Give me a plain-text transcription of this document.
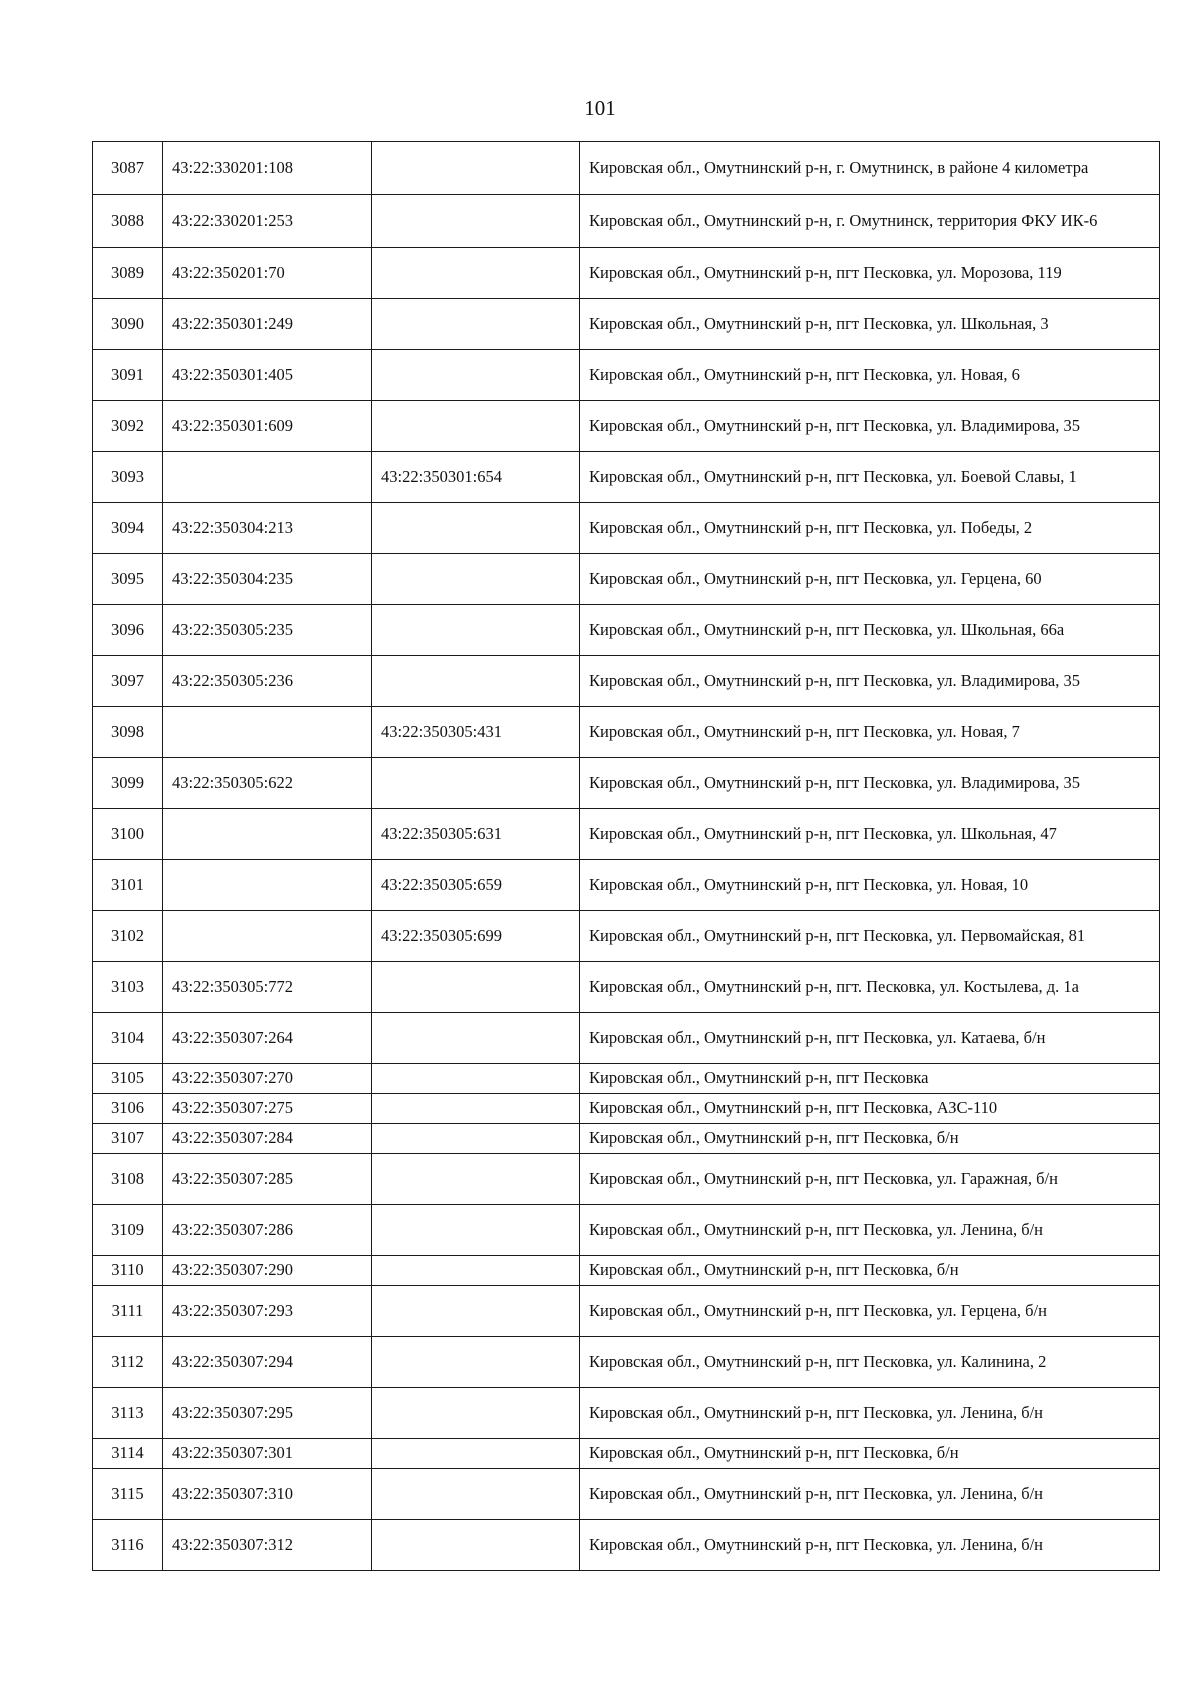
101
3087	43:22:330201:108		Кировская обл., Омутнинский р-н, г. Омутнинск, в районе 4 километра
3088	43:22:330201:253		Кировская обл., Омутнинский р-н, г. Омутнинск, территория ФКУ ИК-6
3089	43:22:350201:70		Кировская обл., Омутнинский р-н, пгт Песковка, ул. Морозова, 119
3090	43:22:350301:249		Кировская обл., Омутнинский р-н, пгт Песковка, ул. Школьная, 3
3091	43:22:350301:405		Кировская обл., Омутнинский р-н, пгт Песковка, ул. Новая, 6
3092	43:22:350301:609		Кировская обл., Омутнинский р-н, пгт Песковка, ул. Владимирова, 35
3093		43:22:350301:654	Кировская обл., Омутнинский р-н, пгт Песковка, ул. Боевой Славы, 1
3094	43:22:350304:213		Кировская обл., Омутнинский р-н, пгт Песковка, ул. Победы, 2
3095	43:22:350304:235		Кировская обл., Омутнинский р-н, пгт Песковка, ул. Герцена, 60
3096	43:22:350305:235		Кировская обл., Омутнинский р-н, пгт Песковка, ул. Школьная, 66а
3097	43:22:350305:236		Кировская обл., Омутнинский р-н, пгт Песковка, ул. Владимирова, 35
3098		43:22:350305:431	Кировская обл., Омутнинский р-н, пгт Песковка, ул. Новая, 7
3099	43:22:350305:622		Кировская обл., Омутнинский р-н, пгт Песковка, ул. Владимирова, 35
3100		43:22:350305:631	Кировская обл., Омутнинский р-н, пгт Песковка, ул. Школьная, 47
3101		43:22:350305:659	Кировская обл., Омутнинский р-н, пгт Песковка, ул. Новая, 10
3102		43:22:350305:699	Кировская обл., Омутнинский р-н, пгт Песковка, ул. Первомайская, 81
3103	43:22:350305:772		Кировская обл., Омутнинский р-н, пгт. Песковка, ул. Костылева, д. 1а
3104	43:22:350307:264		Кировская обл., Омутнинский р-н, пгт Песковка, ул. Катаева, б/н
3105	43:22:350307:270		Кировская обл., Омутнинский р-н, пгт Песковка
3106	43:22:350307:275		Кировская обл., Омутнинский р-н, пгт Песковка, АЗС-110
3107	43:22:350307:284		Кировская обл., Омутнинский р-н, пгт Песковка, б/н
3108	43:22:350307:285		Кировская обл., Омутнинский р-н, пгт Песковка, ул. Гаражная, б/н
3109	43:22:350307:286		Кировская обл., Омутнинский р-н, пгт Песковка, ул. Ленина, б/н
3110	43:22:350307:290		Кировская обл., Омутнинский р-н, пгт Песковка, б/н
3111	43:22:350307:293		Кировская обл., Омутнинский р-н, пгт Песковка, ул. Герцена, б/н
3112	43:22:350307:294		Кировская обл., Омутнинский р-н, пгт Песковка, ул. Калинина, 2
3113	43:22:350307:295		Кировская обл., Омутнинский р-н, пгт Песковка, ул. Ленина, б/н
3114	43:22:350307:301		Кировская обл., Омутнинский р-н, пгт Песковка, б/н
3115	43:22:350307:310		Кировская обл., Омутнинский р-н, пгт Песковка, ул. Ленина, б/н
3116	43:22:350307:312		Кировская обл., Омутнинский р-н, пгт Песковка, ул. Ленина, б/н
